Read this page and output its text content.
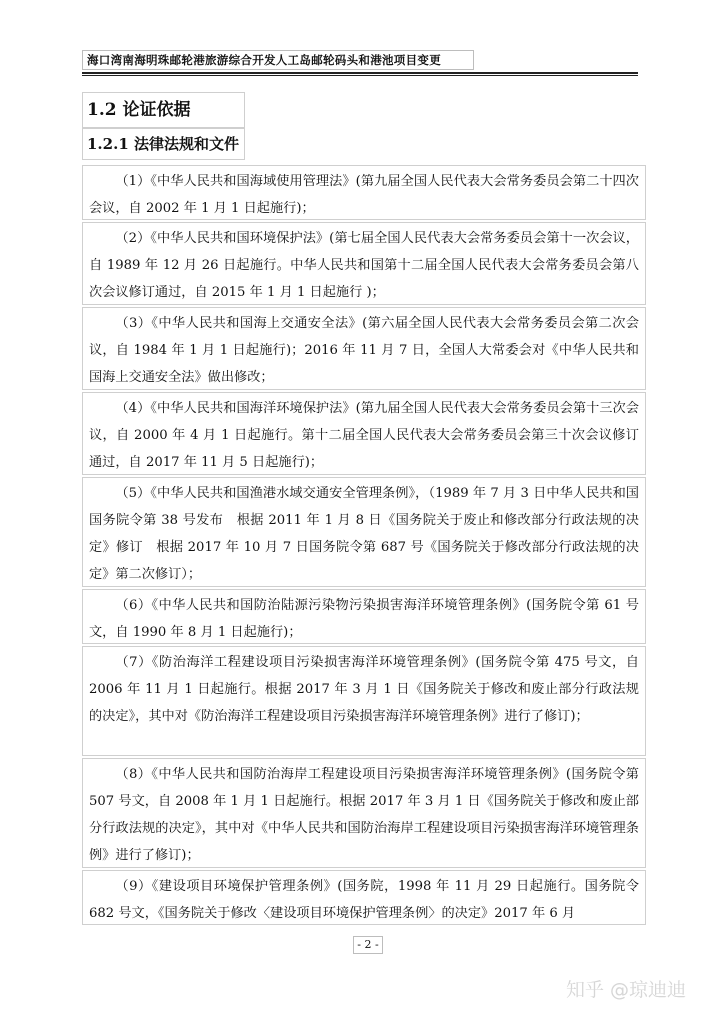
海口湾南海明珠邮轮港旅游综合开发人工岛邮轮码头和港池项目变更
1.2 论证依据
1.2.1 法律法规和文件
（1）《中华人民共和国海域使用管理法》(第九届全国人民代表大会常务委员会第二十四次会议，自 2002 年 1 月 1 日起施行)；
（2）《中华人民共和国环境保护法》(第七届全国人民代表大会常务委员会第十一次会议，自 1989 年 12 月 26 日起施行。中华人民共和国第十二届全国人民代表大会常务委员会第八次会议修订通过，自 2015 年 1 月 1 日起施行 )；
（3）《中华人民共和国海上交通安全法》(第六届全国人民代表大会常务委员会第二次会议，自 1984 年 1 月 1 日起施行)；2016 年 11 月 7 日，全国人大常委会对《中华人民共和国海上交通安全法》做出修改；
（4）《中华人民共和国海洋环境保护法》(第九届全国人民代表大会常务委员会第十三次会议，自 2000 年 4 月 1 日起施行。第十二届全国人民代表大会常务委员会第三十次会议修订通过，自 2017 年 11 月 5 日起施行)；
（5）《中华人民共和国渔港水域交通安全管理条例》，（1989 年 7 月 3 日中华人民共和国国务院令第 38 号发布　根据 2011 年 1 月 8 日《国务院关于废止和修改部分行政法规的决定》修订　根据 2017 年 10 月 7 日国务院令第 687 号《国务院关于修改部分行政法规的决定》第二次修订）；
（6）《中华人民共和国防治陆源污染物污染损害海洋环境管理条例》(国务院令第 61 号文，自 1990 年 8 月 1 日起施行)；
（7）《防治海洋工程建设项目污染损害海洋环境管理条例》(国务院令第 475 号文，自 2006 年 11 月 1 日起施行。根据 2017 年 3 月 1 日《国务院关于修改和废止部分行政法规的决定》，其中对《防治海洋工程建设项目污染损害海洋环境管理条例》进行了修订)；
（8）《中华人民共和国防治海岸工程建设项目污染损害海洋环境管理条例》(国务院令第 507 号文，自 2008 年 1 月 1 日起施行。根据 2017 年 3 月 1 日《国务院关于修改和废止部分行政法规的决定》，其中对《中华人民共和国防治海岸工程建设项目污染损害海洋环境管理条例》进行了修订)；
（9）《建设项目环境保护管理条例》(国务院，1998 年 11 月 29 日起施行。国务院令 682 号文，《国务院关于修改〈建设项目环境保护管理条例〉的决定》2017 年 6 月
- 2 -
知乎 @琼迪迪
